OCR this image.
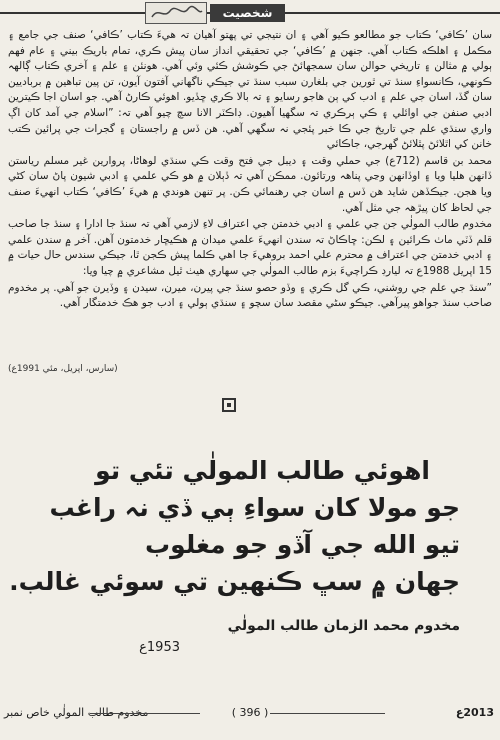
شخصيت

سان ’ڪافي‘ ڪتاب جو مطالعو ڪيو آهي ۽ ان نتيجي تي پهتو آهيان تہ هيءَ ڪتاب ’ڪافي‘ صنف جي جامع ۽ مڪمل ۽ اهلڪه ڪتاب آهي. جنهن ۾ ’ڪافي‘ جي تحقيقي انداز سان پيش ڪري، تمام باريڪ بيني ۽ عام فهم ٻولي ۾ مثالن ۽ تاريخي حوالن سان سمجهائڻ جي ڪوشش ڪئي وئي آهي. هونئن ۽ علم ۽ آخري ڪتاب ڳالهہ ڪونهي، ڪانسواءِ سنڌ تي ٿورين جي بلغارن سبب سنڌ تي جيڪي ناگهاني آفتون آيون، تن پين تباهين ۾ برباديين سان گڏ، اسان جي علم ۽ ادب کي ٻن هاجو رسايو ۽ تہ بالا ڪري ڇڏيو. اهوئي ڪارڻ آهي. جو اسان اجا ڪيترين ادبي صنفن جي اوائلي ۽ ڪي ٻرڪري تہ سگهيا آهيون. ڊاڪٽر الانا سچ چيو آهي تہ: ”اسلام جي آمد کان اڳ واري سنڌي علم جي تاريخ جي ڪا خبر پئجي نہ سگهي آهي. هن ڏس ۾ راجستان ۽ گجرات جي پرائين ڪتب خانن کي اٿلائڻ پٿلائڻ گهرجي، جاڪائي

محمد بن قاسم (712ع) جي حملي وقت ۽ ديبل جي فتح وقت ڪي سنڌي لوهاڻا، پروارين غير مسلم رياستن ڏانهن هليا ويا ۽ اوڏانهن وڃي پناهہ ورتائون. ممڪن آهي تہ ڏٻلان ۾ هو ڪي علمي ۽ ادبي شيون پاڻ سان کڻي ويا هجن. جيڪڏهن شايد هن ڏس ۾ اسان جي رهنمائي ڪن. پر تنهن هوندي ۾ هيءَ ’ڪافي‘ ڪتاب انهيءَ صنف جي لحاظ کان پيڙهہ جي مثل آهي.

مخدوم طالب المولٰي جن جي علمي ۽ ادبي خدمتن جي اعتراف لاءِ لازمي آهي تہ سنڌ جا ادارا ۽ سنڌ جا صاحب قلم ڏٽي ماٺ ڪرائين ۽ لڪن: ڇاڪاڻ تہ سندن انهيءَ علمي ميدان ۾ هڪيڇار خدمتون آهن. آخر ۾ سندن علمي ۽ ادبي خدمتن جي اعتراف ۾ محترم علي احمد بروهيءَ جا اهي ڪلما پيش ڪجن ٿا، جيڪي سندس حال حيات ۾ 15 اپريل 1988ع تہ ليارڊ ڪراچيءَ بزم طالب المولٰي جي سهاري هيٺ ٿيل مشاعري ۾ چيا ويا:

”سنڌ جي علم جي روشني، ڪي گل ڪري ۽ وڏو حصو سنڌ جي پيرن، ميرن، سيدن ۽ وڏيرن جو آهي. پر مخدوم صاحب سنڌ جواهو پيرآهي. جيڪو سڻي مقصد سان سچو ۽ سنڌي ٻولي ۽ ادب جو هڪ خدمتگار آهي.

(سارس، اپريل، مئي 1991ع)
اهوئي طالب المولٰي تئي تو
جو مولا کان سواءِ ٻي ڏي نہ راغب
تيو الله جي آڏو جو مغلوب
جهان ۾ سڀ ڪنهين تي سوئي غالب.
مخدوم محمد الزمان طالب المولٰي
1953ع
مخدوم طالب المولٰي خاص نمبر	( 396 )	2013ع
